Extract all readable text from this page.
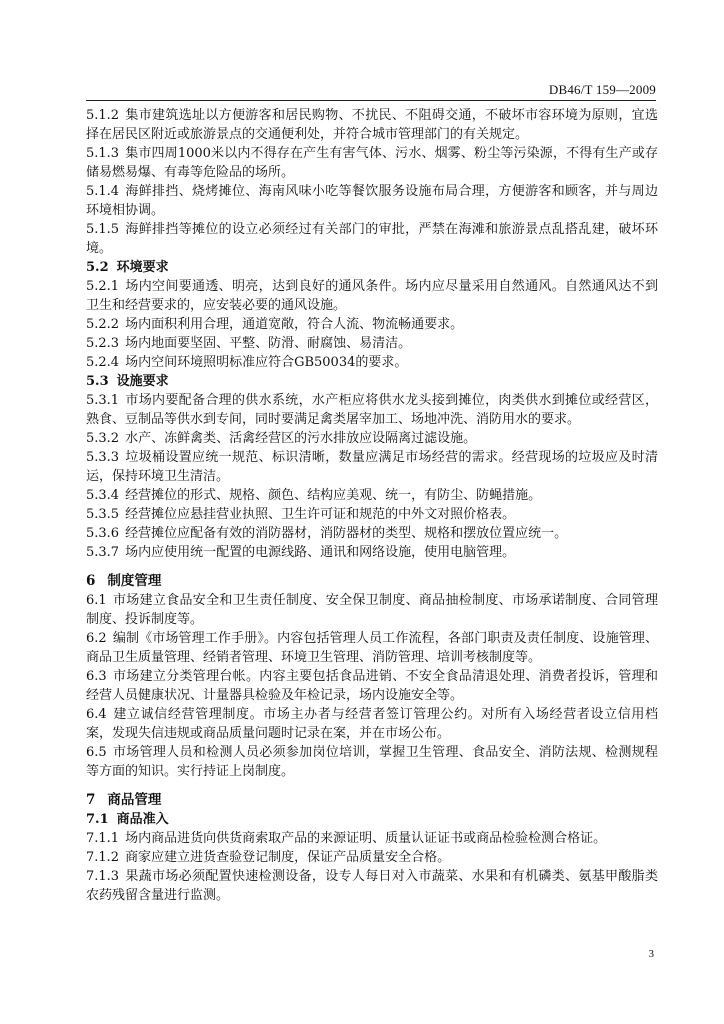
DB46/T 159—2009

5.1.2 集市建筑选址以方便游客和居民购物、不扰民、不阻碍交通，不破坏市容环境为原则，宜选择在居民区附近或旅游景点的交通便利处，并符合城市管理部门的有关规定。

5.1.3 集市四周1000米以内不得存在产生有害气体、污水、烟雾、粉尘等污染源，不得有生产或存储易燃易爆、有毒等危险品的场所。

5.1.4 海鲜排挡、烧烤摊位、海南风味小吃等餐饮服务设施布局合理，方便游客和顾客，并与周边环境相协调。

5.1.5 海鲜排挡等摊位的设立必须经过有关部门的审批，严禁在海滩和旅游景点乱搭乱建，破坏环境。

5.2 环境要求

5.2.1 场内空间要通透、明亮，达到良好的通风条件。场内应尽量采用自然通风。自然通风达不到卫生和经营要求的，应安装必要的通风设施。

5.2.2 场内面积利用合理，通道宽敞，符合人流、物流畅通要求。

5.2.3 场内地面要坚固、平整、防滑、耐腐蚀、易清洁。

5.2.4 场内空间环境照明标准应符合GB50034的要求。

5.3 设施要求

5.3.1 市场内要配备合理的供水系统，水产柜应将供水龙头接到摊位，肉类供水到摊位或经营区，熟食、豆制品等供水到专间，同时要满足禽类屠宰加工、场地冲洗、消防用水的要求。

5.3.2 水产、冻鲜禽类、活禽经营区的污水排放应设隔离过滤设施。

5.3.3 垃圾桶设置应统一规范、标识清晰，数量应满足市场经营的需求。经营现场的垃圾应及时清运，保持环境卫生清洁。

5.3.4 经营摊位的形式、规格、颜色、结构应美观、统一，有防尘、防蝇措施。

5.3.5 经营摊位应悬挂营业执照、卫生许可证和规范的中外文对照价格表。

5.3.6 经营摊位应配备有效的消防器材，消防器材的类型、规格和摆放位置应统一。

5.3.7 场内应使用统一配置的电源线路、通讯和网络设施，使用电脑管理。

6 制度管理

6.1 市场建立食品安全和卫生责任制度、安全保卫制度、商品抽检制度、市场承诺制度、合同管理制度、投诉制度等。

6.2 编制《市场管理工作手册》。内容包括管理人员工作流程，各部门职责及责任制度、设施管理、商品卫生质量管理、经销者管理、环境卫生管理、消防管理、培训考核制度等。

6.3 市场建立分类管理台帐。内容主要包括食品进销、不安全食品清退处理、消费者投诉，管理和经营人员健康状况、计量器具检验及年检记录，场内设施安全等。

6.4 建立诚信经营管理制度。市场主办者与经营者签订管理公约。对所有入场经营者设立信用档案，发现失信违规或商品质量问题时记录在案，并在市场公布。

6.5 市场管理人员和检测人员必须参加岗位培训，掌握卫生管理、食品安全、消防法规、检测规程等方面的知识。实行持证上岗制度。

7 商品管理

7.1 商品准入

7.1.1 场内商品进货向供货商索取产品的来源证明、质量认证证书或商品检验检测合格证。

7.1.2 商家应建立进货查验登记制度，保证产品质量安全合格。

7.1.3 果蔬市场必须配置快速检测设备，设专人每日对入市蔬菜、水果和有机磷类、氨基甲酸脂类农药残留含量进行监测。

3
